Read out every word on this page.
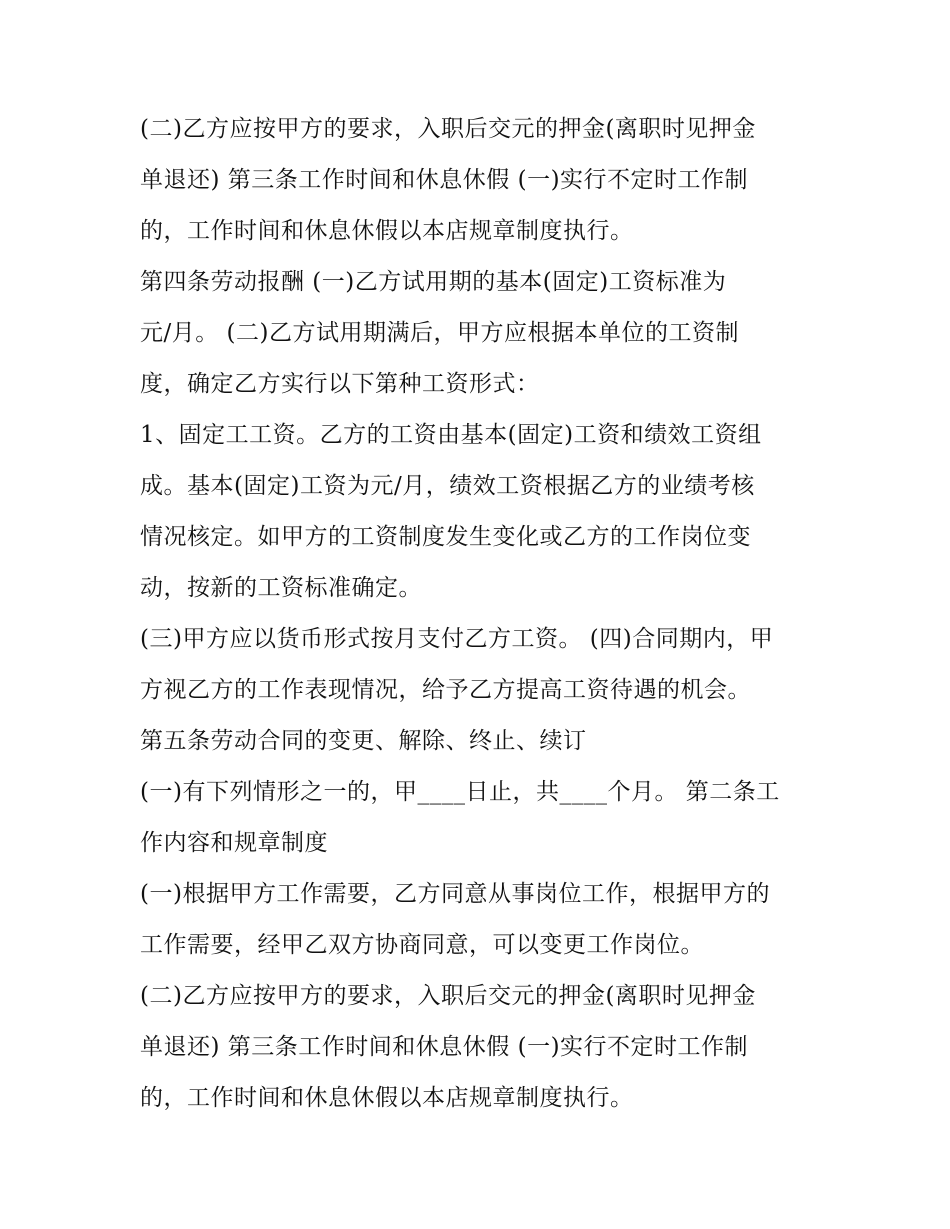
(二)乙方应按甲方的要求，入职后交元的押金(离职时见押金
单退还) 第三条工作时间和休息休假 (一)实行不定时工作制
的，工作时间和休息休假以本店规章制度执行。
第四条劳动报酬 (一)乙方试用期的基本(固定)工资标准为
元/月。 (二)乙方试用期满后，甲方应根据本单位的工资制
度，确定乙方实行以下第种工资形式：
1、固定工工资。乙方的工资由基本(固定)工资和绩效工资组
成。基本(固定)工资为元/月，绩效工资根据乙方的业绩考核
情况核定。如甲方的工资制度发生变化或乙方的工作岗位变
动，按新的工资标准确定。
(三)甲方应以货币形式按月支付乙方工资。 (四)合同期内，甲
方视乙方的工作表现情况，给予乙方提高工资待遇的机会。
第五条劳动合同的变更、解除、终止、续订
(一)有下列情形之一的，甲____日止，共____个月。 第二条工
作内容和规章制度
(一)根据甲方工作需要，乙方同意从事岗位工作，根据甲方的
工作需要，经甲乙双方协商同意，可以变更工作岗位。
(二)乙方应按甲方的要求，入职后交元的押金(离职时见押金
单退还) 第三条工作时间和休息休假 (一)实行不定时工作制
的，工作时间和休息休假以本店规章制度执行。
